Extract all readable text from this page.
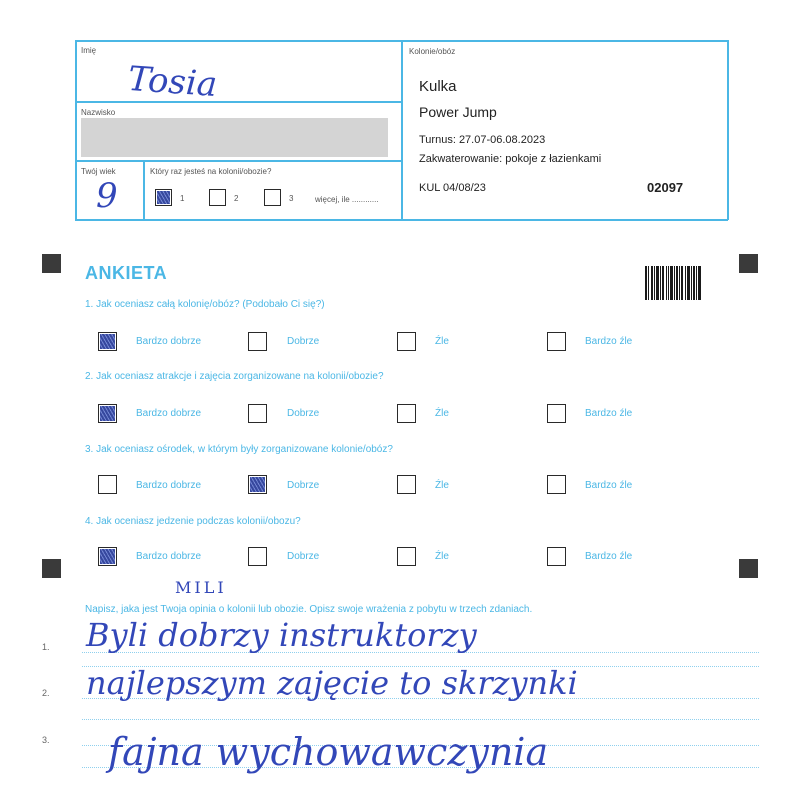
Imię
Tosia
Nazwisko
Twój wiek
9
Który raz jesteś na kolonii/obozie?
1	2	3	więcej, ile ............
Kolonie/obóz
Kulka
Power Jump
Turnus: 27.07-06.08.2023
Zakwaterowanie: pokoje z łazienkami
KUL 04/08/23	02097
ANKIETA
1. Jak oceniasz całą kolonię/obóz? (Podobało Ci się?)
Bardzo dobrze	Dobrze	Źle	Bardzo źle
2. Jak oceniasz atrakcje i zajęcia zorganizowane na kolonii/obozie?
Bardzo dobrze	Dobrze	Źle	Bardzo źle
3. Jak oceniasz ośrodek, w którym były zorganizowane kolonie/obóz?
Bardzo dobrze	Dobrze	Źle	Bardzo źle
4. Jak oceniasz jedzenie podczas kolonii/obozu?
Bardzo dobrze	Dobrze	Źle	Bardzo źle
MILI
Napisz, jaka jest Twoja opinia o kolonii lub obozie. Opisz swoje wrażenia z pobytu w trzech zdaniach.
1. Byli dobrzy instruktorzy
2. najlepszym zajęcie to skrzynki
3. fajna wychowawczynia
